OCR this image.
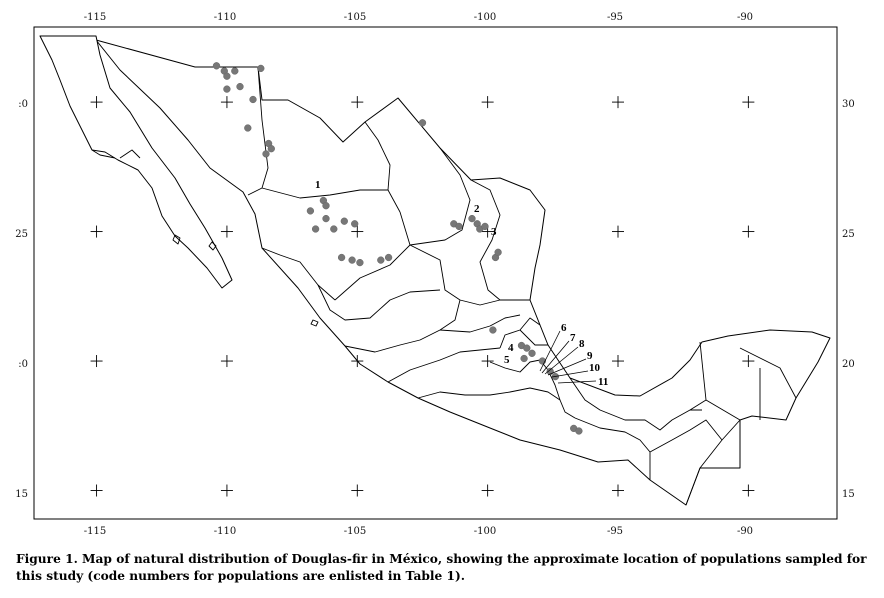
-115	-110	-105	-100	-95	-90
-115	-110	-105	-100	-95	-90
:0
25
:0
15
30
25
20
15
1
2
3
4
5
6
7 8
9
10
11

Figure 1. Map of natural distribution of Douglas-fir in México, showing the approximate location of populations sampled for this study (code numbers for populations are enlisted in Table 1).
